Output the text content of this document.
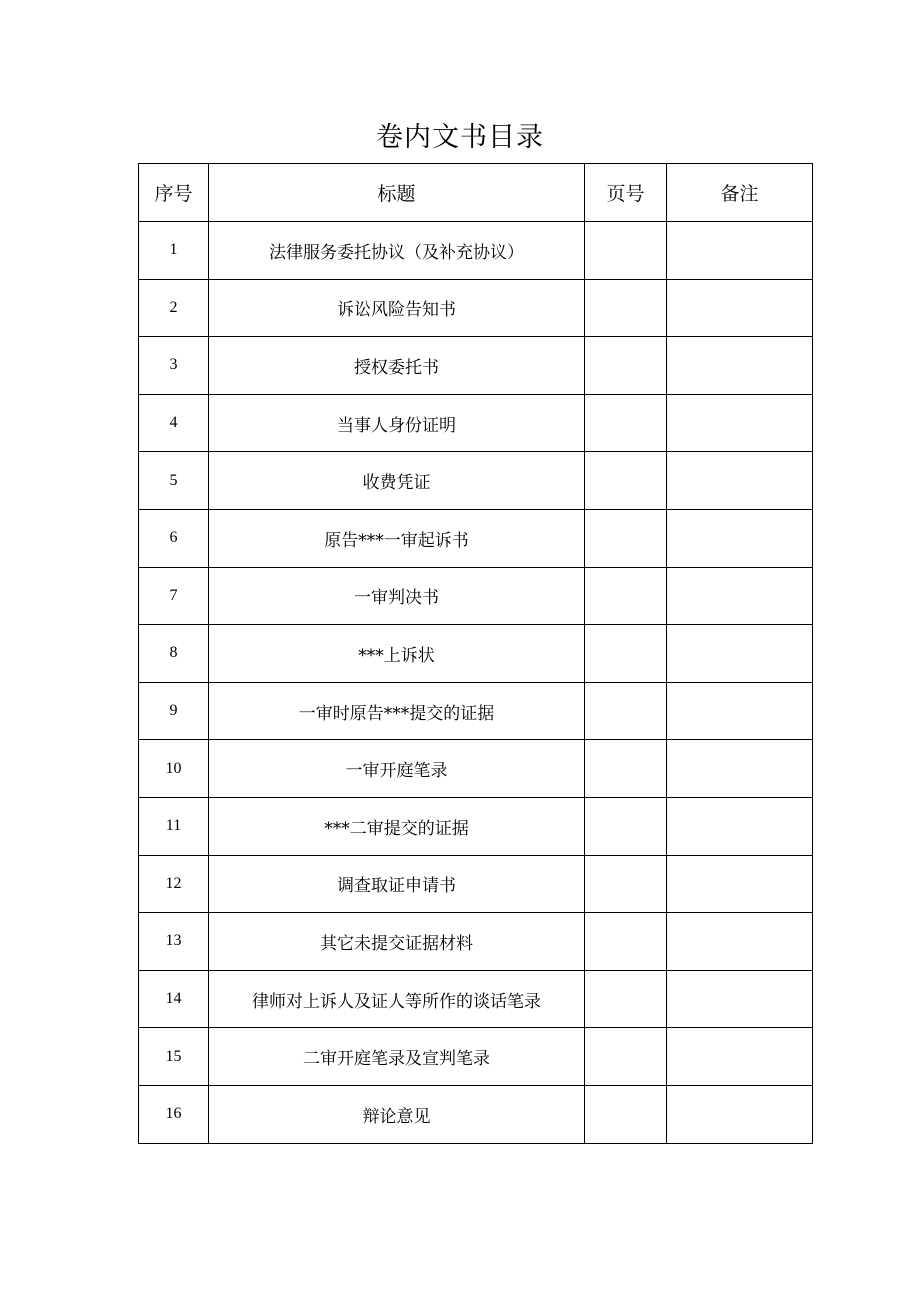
卷内文书目录
序号	标题	页号	备注
1	法律服务委托协议（及补充协议）		
2	诉讼风险告知书		
3	授权委托书		
4	当事人身份证明		
5	收费凭证		
6	原告***一审起诉书		
7	一审判决书		
8	***上诉状		
9	一审时原告***提交的证据		
10	一审开庭笔录		
11	***二审提交的证据		
12	调查取证申请书		
13	其它未提交证据材料		
14	律师对上诉人及证人等所作的谈话笔录		
15	二审开庭笔录及宣判笔录		
16	辩论意见		
